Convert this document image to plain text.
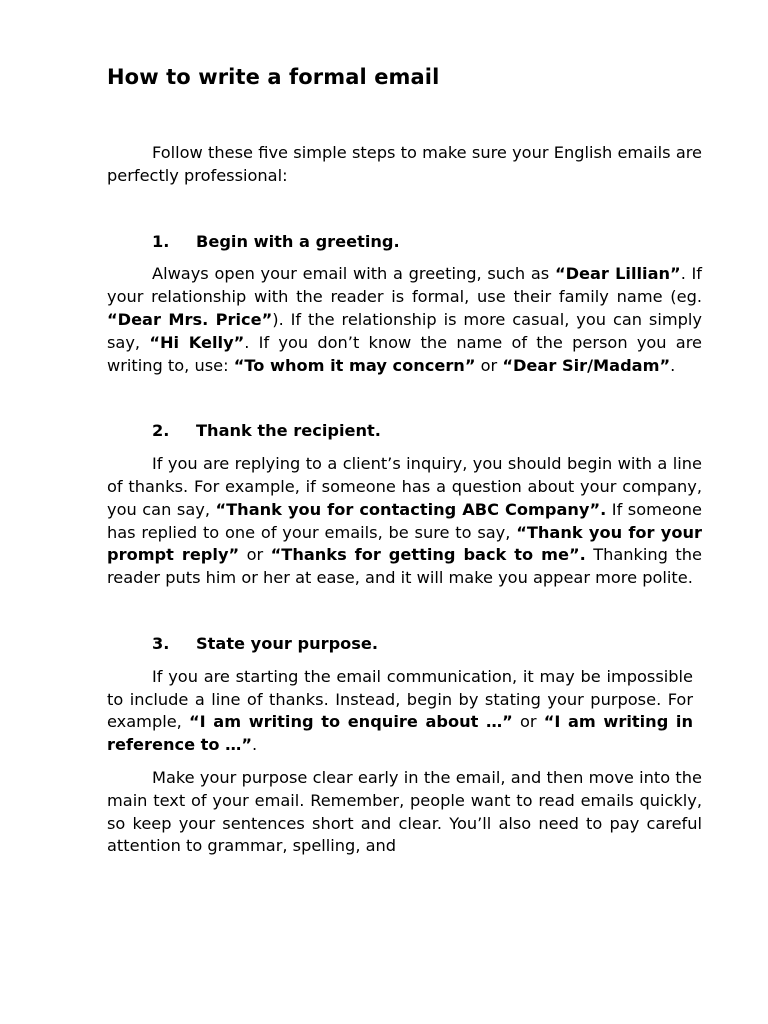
How to write a formal email

Follow these five simple steps to make sure your English emails are perfectly professional:

1.	Begin with a greeting.

Always open your email with a greeting, such as “Dear Lillian”. If your relationship with the reader is formal, use their family name (eg. “Dear Mrs. Price”). If the relationship is more casual, you can simply say, “Hi Kelly”. If you don’t know the name of the person you are writing to, use: “To whom it may concern” or “Dear Sir/Madam”.

2.	Thank the recipient.

If you are replying to a client’s inquiry, you should begin with a line of thanks. For example, if someone has a question about your company, you can say, “Thank you for contacting ABC Company”. If someone has replied to one of your emails, be sure to say, “Thank you for your prompt reply” or “Thanks for getting back to me”. Thanking the reader puts him or her at ease, and it will make you appear more polite.

3.	State your purpose.

If you are starting the email communication, it may be impossible to include a line of thanks. Instead, begin by stating your purpose. For example, “I am writing to enquire about …” or “I am writing in reference to …”.

Make your purpose clear early in the email, and then move into the main text of your email. Remember, people want to read emails quickly, so keep your sentences short and clear. You’ll also need to pay careful attention to grammar, spelling, and
